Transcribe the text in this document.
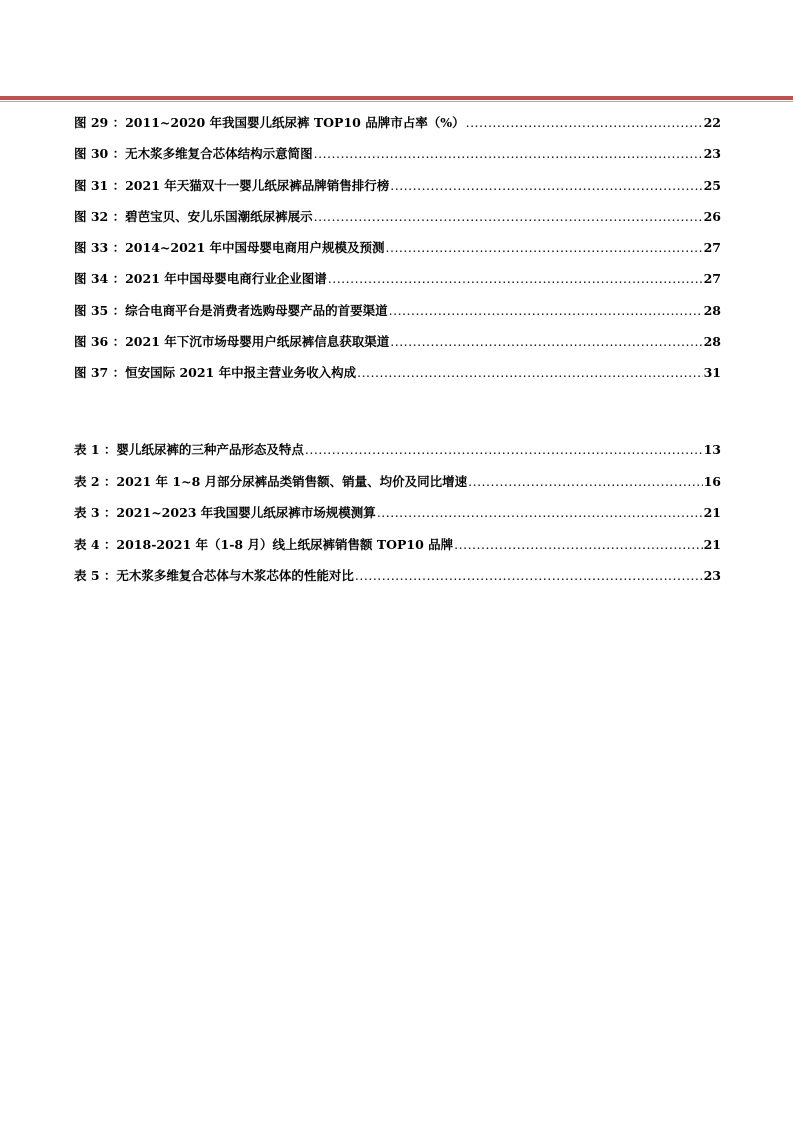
图 29 ： 2011~2020 年我国婴儿纸尿裤 TOP10 品牌市占率（%） .....	22
图 30 ： 无木浆多维复合芯体结构示意简图 .....	23
图 31 ： 2021 年天猫双十一婴儿纸尿裤品牌销售排行榜 .....	25
图 32 ： 碧芭宝贝、安儿乐国潮纸尿裤展示 .....	26
图 33 ： 2014~2021 年中国母婴电商用户规模及预测 .....	27
图 34 ： 2021 年中国母婴电商行业企业图谱 .....	27
图 35 ： 综合电商平台是消费者选购母婴产品的首要渠道 .....	28
图 36 ： 2021 年下沉市场母婴用户纸尿裤信息获取渠道 .....	28
图 37 ： 恒安国际 2021 年中报主营业务收入构成 .....	31
表 1 ： 婴儿纸尿裤的三种产品形态及特点 .....	13
表 2 ： 2021 年 1~8 月部分尿裤品类销售额、销量、均价及同比增速 .....	16
表 3 ： 2021~2023 年我国婴儿纸尿裤市场规模测算 .....	21
表 4 ： 2018-2021 年（1-8 月）线上纸尿裤销售额 TOP10 品牌 .....	21
表 5 ： 无木浆多维复合芯体与木浆芯体的性能对比 .....	23
